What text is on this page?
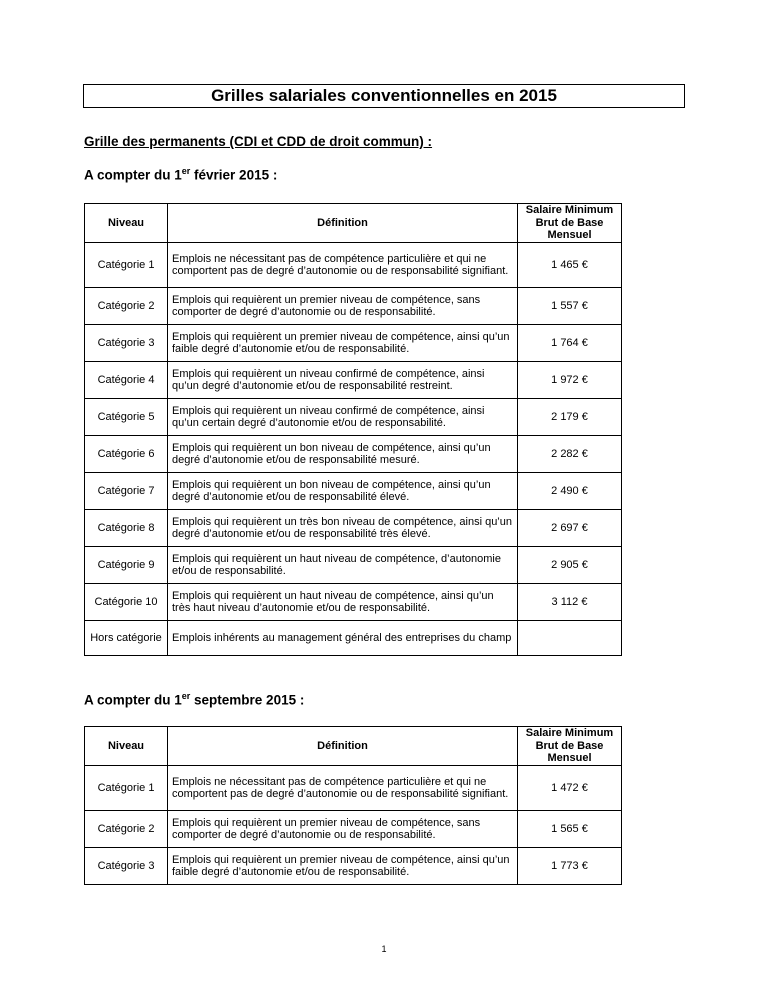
Grilles salariales conventionnelles en 2015
Grille des permanents (CDI et CDD de droit commun) :
A compter du 1er février 2015 :
Niveau	Définition	Salaire Minimum Brut de Base Mensuel
Catégorie 1	Emplois ne nécessitant pas de compétence particulière et qui ne comportent pas de degré d’autonomie ou de responsabilité signifiant.	1 465 €
Catégorie 2	Emplois qui requièrent un premier niveau de compétence, sans comporter de degré d’autonomie ou de responsabilité.	1 557 €
Catégorie 3	Emplois qui requièrent un premier niveau de compétence, ainsi qu’un faible degré d’autonomie et/ou de responsabilité.	1 764 €
Catégorie 4	Emplois qui requièrent un niveau confirmé de compétence, ainsi qu’un degré d’autonomie et/ou de responsabilité restreint.	1 972 €
Catégorie 5	Emplois qui requièrent un niveau confirmé de compétence, ainsi qu’un certain degré d’autonomie et/ou de responsabilité.	2 179 €
Catégorie 6	Emplois qui requièrent un bon niveau de compétence, ainsi qu’un degré d’autonomie et/ou de responsabilité mesuré.	2 282 €
Catégorie 7	Emplois qui requièrent un bon niveau de compétence, ainsi qu’un degré d’autonomie et/ou de responsabilité élevé.	2 490 €
Catégorie 8	Emplois qui requièrent un très bon niveau de compétence, ainsi qu’un degré d’autonomie et/ou de responsabilité très élevé.	2 697 €
Catégorie 9	Emplois qui requièrent un haut niveau de compétence, d’autonomie et/ou de responsabilité.	2 905 €
Catégorie 10	Emplois qui requièrent un haut niveau de compétence, ainsi qu’un très haut niveau d’autonomie et/ou de responsabilité.	3 112 €
Hors catégorie	Emplois inhérents au management général des entreprises du champ	
A compter du 1er septembre 2015 :
Niveau	Définition	Salaire Minimum Brut de Base Mensuel
Catégorie 1	Emplois ne nécessitant pas de compétence particulière et qui ne comportent pas de degré d’autonomie ou de responsabilité signifiant.	1 472 €
Catégorie 2	Emplois qui requièrent un premier niveau de compétence, sans comporter de degré d’autonomie ou de responsabilité.	1 565 €
Catégorie 3	Emplois qui requièrent un premier niveau de compétence, ainsi qu’un faible degré d’autonomie et/ou de responsabilité.	1 773 €
1
